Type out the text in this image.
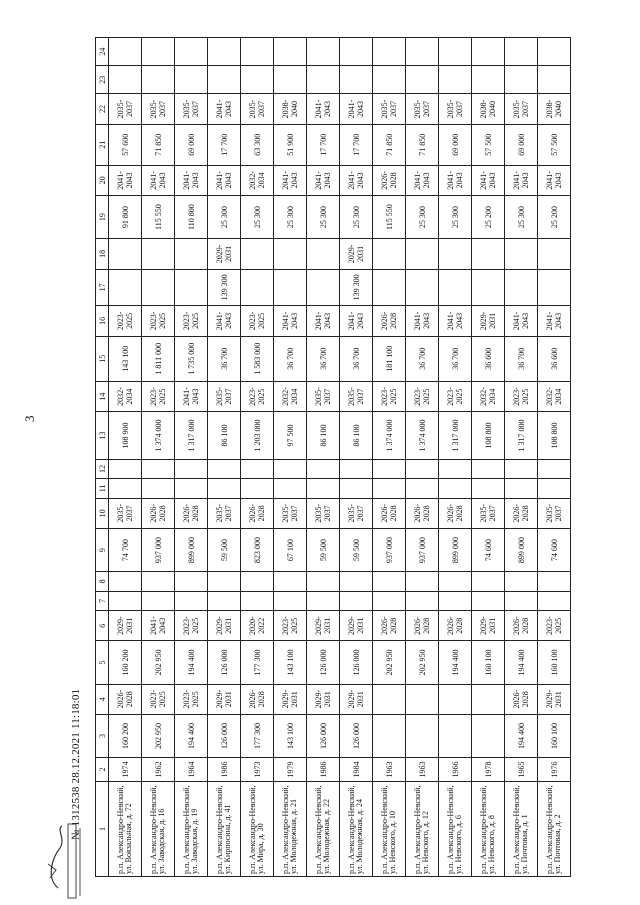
3
1	2	3	4	5	6	7	8	9	10	11	12	13	14	15	16	17	18	19	20	21	22	23	24
р.п. Александро-Невский, ул. Вокзальная, д. 72	1974	160 200	2026-2028	160 200	2029-2031			74 700	2035-2037			108 900	2032-2034	143 100	2023-2025			91 800	2041-2043	57 600	2035-2037		
р.п. Александро-Невский, ул. Заводская, д. 16	1962	202 950	2023-2025	202 950	2041-2043			937 000	2026-2028			1 374 000	2023-2025	1 811 000	2023-2025			115 550	2041-2043	71 850	2035-2037		
р.п. Александро-Невский, ул. Заводская, д. 19	1964	194 400	2023-2025	194 400	2023-2025			899 000	2026-2028			1 317 000	2041-2043	1 735 000	2023-2025			110 800	2041-2043	69 000	2035-2037		
р.п. Александро-Невский, ул. Кирпосина, д. 41	1986	126 000	2029-2031	126 000	2029-2031			59 500	2035-2037			86 100	2035-2037	36 700	2041-2043	139 300	2029-2031	25 300	2041-2043	17 700	2041-2043		
р.п. Александро-Невский, ул. Мира, д. 30	1973	177 300	2026-2028	177 300	2020-2022			823 000	2026-2028			1 203 000	2023-2025	1 583 000	2023-2025			25 300	2032-2034	63 300	2035-2037		
р.п. Александро-Невский, ул. Молодежная, д. 21	1979	143 100	2029-2031	143 100	2023-2025			67 100	2035-2037			97 500	2032-2034	36 700	2041-2043			25 300	2041-2043	51 900	2038-2040		
р.п. Александро-Невский, ул. Молодежная, д. 22	1986	126 000	2029-2031	126 000	2029-2031			59 500	2035-2037			86 100	2035-2037	36 700	2041-2043			25 300	2041-2043	17 700	2041-2043		
р.п. Александро-Невский, ул. Молодежная, д. 24	1984	126 000	2029-2031	126 000	2029-2031			59 500	2035-2037			86 100	2035-2037	36 700	2041-2043	139 300	2029-2031	25 300	2041-2043	17 700	2041-2043		
р.п. Александро-Невский, ул. Невского, д. 10	1963			202 950	2026-2028			937 000	2026-2028			1 374 000	2023-2025	181 100	2026-2028			115 550	2026-2028	71 850	2035-2037		
р.п. Александро-Невский, ул. Невского, д. 12	1963			202 950	2026-2028			937 000	2026-2028			1 374 000	2023-2025	36 700	2041-2043			25 300	2041-2043	71 850	2035-2037		
р.п. Александро-Невский, ул. Невского, д. 6	1966			194 400	2026-2028			899 000	2026-2028			1 317 000	2023-2025	36 700	2041-2043			25 300	2041-2043	69 000	2035-2037		
р.п. Александро-Невский, ул. Невского, д. 8	1978			160 100	2029-2031			74 600	2035-2037			108 800	2032-2034	36 600	2029-2031			25 200	2041-2043	57 500	2038-2040		
р.п. Александро-Невский, ул. Почтовая, д. 1	1965	194 400	2026-2028	194 400	2026-2028			899 000	2026-2028			1 317 000	2023-2025	36 700	2041-2043			25 300	2041-2043	69 000	2035-2037		
р.п. Александро-Невский, ул. Почтовая, д. 2	1976	160 100	2029-2031	160 100	2023-2025			74 600	2035-2037			108 800	2032-2034	36 600	2041-2043			25 200	2041-2043	57 500	2038-2040		
№ 1312538 28.12.2021 11:18:01
